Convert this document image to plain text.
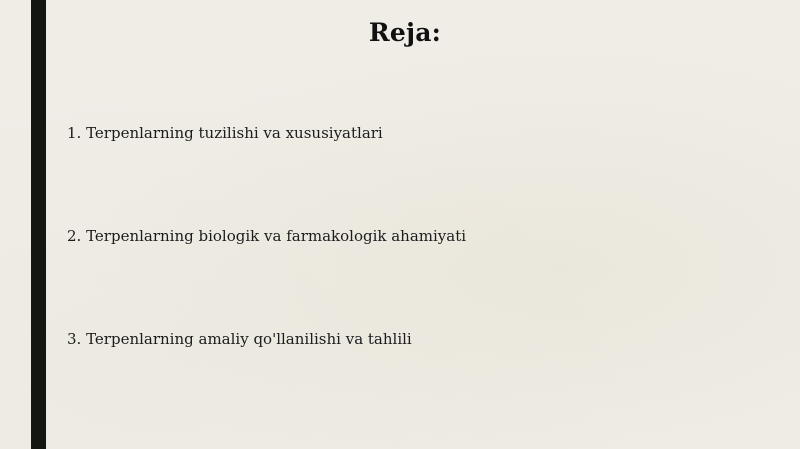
Reja:
1. Terpenlarning tuzilishi va xususiyatlari
2. Terpenlarning biologik va farmakologik ahamiyati
3. Terpenlarning amaliy qo'llanilishi va tahlili
